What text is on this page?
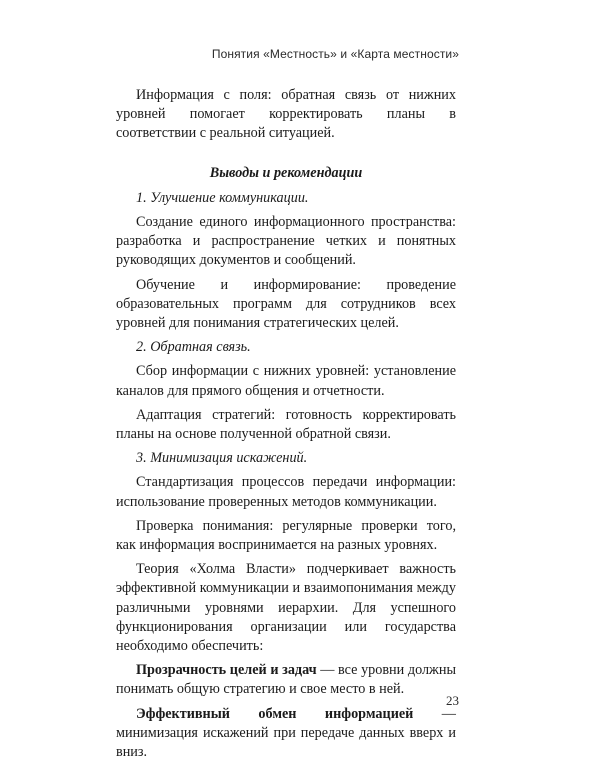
Понятия «Местность» и «Карта местности»

Информация с поля: обратная связь от нижних уровней помогает корректировать планы в соответствии с реальной ситуацией.

Выводы и рекомендации

1. Улучшение коммуникации.

Создание единого информационного пространства: разработка и распространение четких и понятных руководящих документов и сообщений.

Обучение и информирование: проведение образовательных программ для сотрудников всех уровней для понимания стратегических целей.

2. Обратная связь.

Сбор информации с нижних уровней: установление каналов для прямого общения и отчетности.

Адаптация стратегий: готовность корректировать планы на основе полученной обратной связи.

3. Минимизация искажений.

Стандартизация процессов передачи информации: использование проверенных методов коммуникации.

Проверка понимания: регулярные проверки того, как информация воспринимается на разных уровнях.

Теория «Холма Власти» подчеркивает важность эффективной коммуникации и взаимопонимания между различными уровнями иерархии. Для успешного функционирования организации или государства необходимо обеспечить:

Прозрачность целей и задач — все уровни должны понимать общую стратегию и свое место в ней.

Эффективный обмен информацией — минимизация искажений при передаче данных вверх и вниз.

23
